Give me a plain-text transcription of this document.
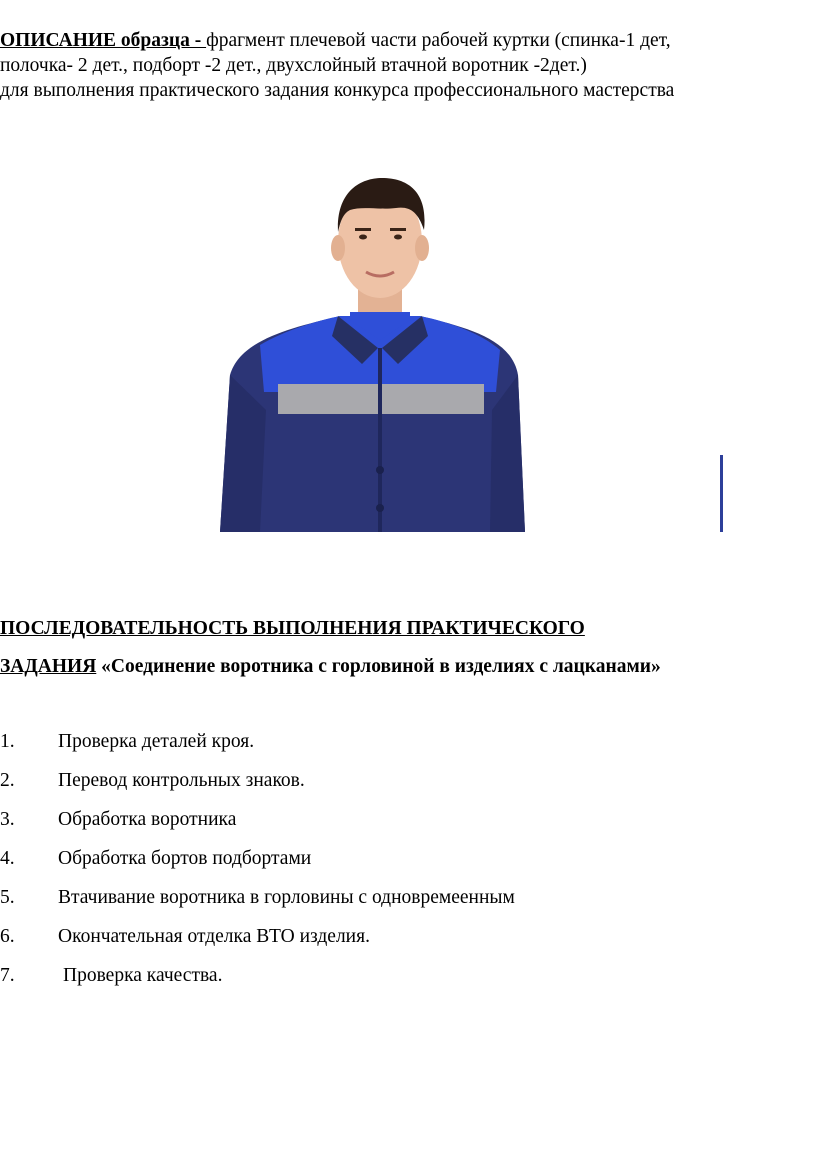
ОПИСАНИЕ образца - фрагмент плечевой части рабочей куртки (спинка-1 дет,
полочка- 2 дет., подборт -2 дет., двухслойный втачной воротник -2дет.)
для выполнения практического задания конкурса профессионального мастерства
ПОСЛЕДОВАТЕЛЬНОСТЬ ВЫПОЛНЕНИЯ ПРАКТИЧЕСКОГО
ЗАДАНИЯ «Соединение воротника с горловиной в изделиях с лацканами»
1.	Проверка деталей кроя.
2.	Перевод контрольных знаков.
3.	Обработка воротника
4.	Обработка бортов подбортами
5.	Втачивание воротника в горловины с одновремеенным
6.	Окончательная отделка ВТО изделия.
7.	Проверка качества.
